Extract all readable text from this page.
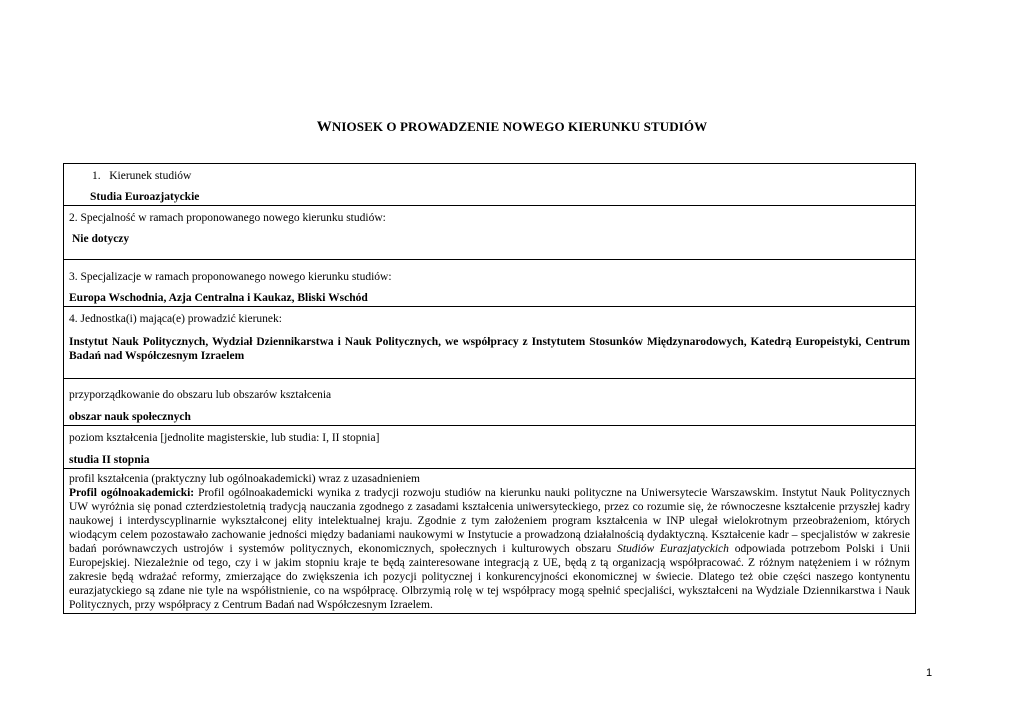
WNIOSEK O PROWADZENIE NOWEGO KIERUNKU STUDIÓW
1.   Kierunek studiów
Studia Euroazjatyckie

2. Specjalność w ramach proponowanego nowego kierunku studiów:
Nie dotyczy

3. Specjalizacje w ramach proponowanego nowego kierunku studiów:
Europa Wschodnia, Azja Centralna i Kaukaz, Bliski Wschód

4. Jednostka(i) mająca(e) prowadzić kierunek:
Instytut Nauk Politycznych, Wydział Dziennikarstwa i Nauk Politycznych, we współpracy z Instytutem Stosunków Międzynarodowych, Katedrą Europeistyki, Centrum Badań nad Współczesnym Izraelem

przyporządkowanie do obszaru lub obszarów kształcenia
obszar nauk społecznych

poziom kształcenia [jednolite magisterskie, lub studia: I, II stopnia]
studia II stopnia

profil kształcenia (praktyczny lub ogólnoakademicki) wraz z uzasadnieniem

Profil ogólnoakademicki: Profil ogólnoakademicki wynika z tradycji rozwoju studiów na kierunku nauki polityczne na Uniwersytecie Warszawskim. Instytut Nauk Politycznych UW wyróżnia się ponad czterdziestoletnią tradycją nauczania zgodnego z zasadami kształcenia uniwersyteckiego, przez co rozumie się, że równoczesne kształcenie przyszłej kadry naukowej i interdyscyplinarnie wykształconej elity intelektualnej kraju. Zgodnie z tym założeniem program kształcenia w INP ulegał wielokrotnym przeobrażeniom, których wiodącym celem pozostawało zachowanie jedności między badaniami naukowymi w Instytucie a prowadzoną działalnością dydaktyczną. Kształcenie kadr – specjalistów w zakresie badań porównawczych ustrojów i systemów politycznych, ekonomicznych, społecznych i kulturowych obszaru Studiów Eurazjatyckich odpowiada potrzebom Polski i Unii Europejskiej. Niezależnie od tego, czy i w jakim stopniu kraje te będą zainteresowane integracją z UE, będą z tą organizacją współpracować. Z różnym natężeniem i w różnym zakresie będą wdrażać reformy, zmierzające do zwiększenia ich pozycji politycznej i konkurencyjności ekonomicznej w świecie. Dlatego też obie części naszego kontynentu eurazjatyckiego są zdane nie tyle na współistnienie, co na współpracę. Olbrzymią rolę w tej współpracy mogą spełnić specjaliści, wykształceni na Wydziale Dziennikarstwa i Nauk Politycznych, przy współpracy z Centrum Badań nad Współczesnym Izraelem.

1
